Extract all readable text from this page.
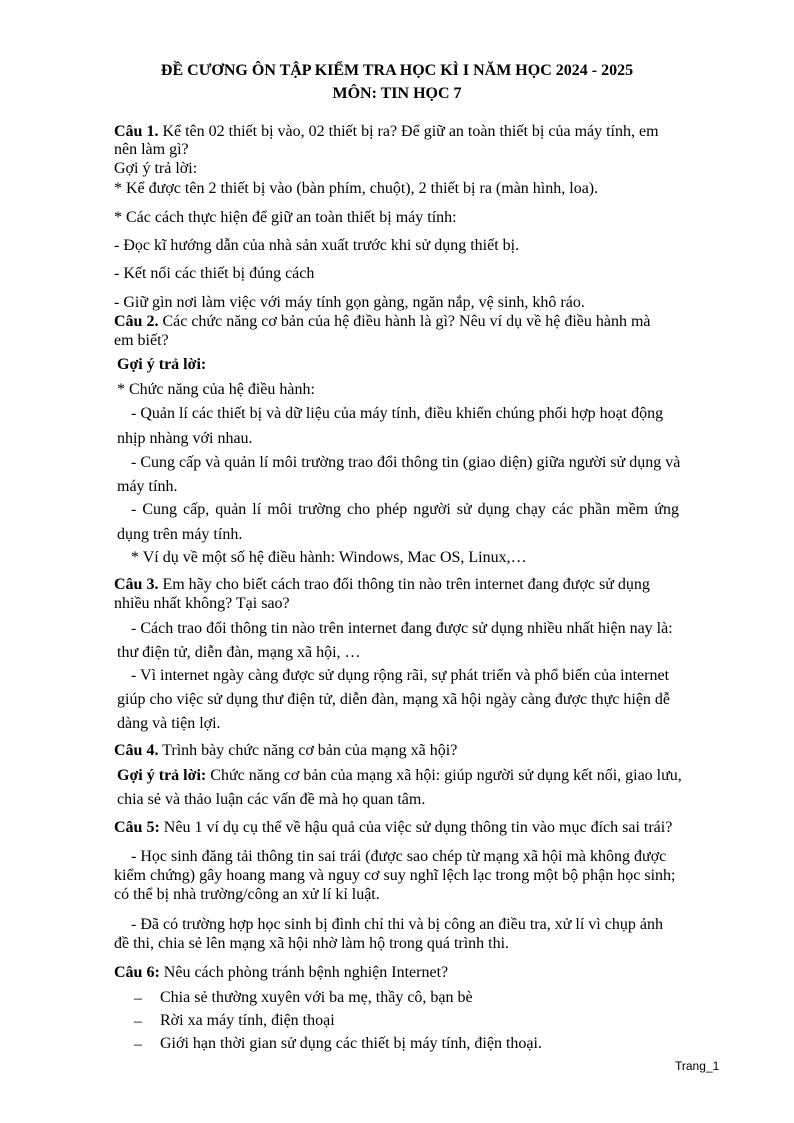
ĐỀ CƯƠNG ÔN TẬP KIỂM TRA HỌC KÌ I NĂM HỌC 2024 - 2025
MÔN: TIN HỌC 7
Câu 1. Kể tên 02 thiết bị vào, 02 thiết bị ra? Để giữ an toàn thiết bị của máy tính, em
nên làm gì?
Gợi ý trả lời:
* Kể được tên 2 thiết bị vào (bàn phím, chuột), 2 thiết bị ra (màn hình, loa).
* Các cách thực hiện để giữ an toàn thiết bị máy tính:
- Đọc kĩ hướng dẫn của nhà sản xuất trước khi sử dụng thiết bị.
- Kết nối các thiết bị đúng cách
- Giữ gìn nơi làm việc với máy tính gọn gàng, ngăn nắp, vệ sinh, khô ráo.
Câu 2. Các chức năng cơ bản của hệ điều hành là gì? Nêu ví dụ về hệ điều hành mà
em biết?
Gợi ý trả lời:
* Chức năng của hệ điều hành:
- Quản lí các thiết bị và dữ liệu của máy tính, điều khiển chúng phối hợp hoạt động
nhịp nhàng với nhau.
- Cung cấp và quản lí môi trường trao đổi thông tin (giao diện) giữa người sử dụng và
máy tính.
- Cung cấp, quản lí môi trường cho phép người sử dụng chạy các phần mềm ứng
dụng trên máy tính.
* Ví dụ về một số hệ điều hành: Windows, Mac OS, Linux,…
Câu 3. Em hãy cho biết cách trao đổi thông tin nào trên internet đang được sử dụng
nhiều nhất không? Tại sao?
- Cách trao đổi thông tin nào trên internet đang được sử dụng nhiều nhất hiện nay là:
thư điện tử, diễn đàn, mạng xã hội, …
- Vì internet ngày càng được sử dụng rộng rãi, sự phát triển và phổ biến của internet
giúp cho việc sử dụng thư điện tử, diễn đàn, mạng xã hội ngày càng được thực hiện dễ
dàng và tiện lợi.
Câu 4. Trình bày chức năng cơ bản của mạng xã hội?
Gợi ý trả lời: Chức năng cơ bản của mạng xã hội: giúp người sử dụng kết nối, giao lưu,
chia sẻ và thảo luận các vấn đề mà họ quan tâm.
Câu 5: Nêu 1 ví dụ cụ thể về hậu quả của việc sử dụng thông tin vào mục đích sai trái?
- Học sinh đăng tải thông tin sai trái (được sao chép từ mạng xã hội mà không được
kiểm chứng) gây hoang mang và nguy cơ suy nghĩ lệch lạc trong một bộ phận học sinh;
có thể bị nhà trường/công an xử lí kỉ luật.
- Đã có trường hợp học sinh bị đình chỉ thi và bị công an điều tra, xử lí vì chụp ảnh
đề thi, chia sẻ lên mạng xã hội nhờ làm hộ trong quá trình thi.
Câu 6: Nêu cách phòng tránh bệnh nghiện Internet?
– Chia sẻ thường xuyên với ba mẹ, thầy cô, bạn bè
– Rời xa máy tính, điện thoại
– Giới hạn thời gian sử dụng các thiết bị máy tính, điện thoại.
Trang_1
